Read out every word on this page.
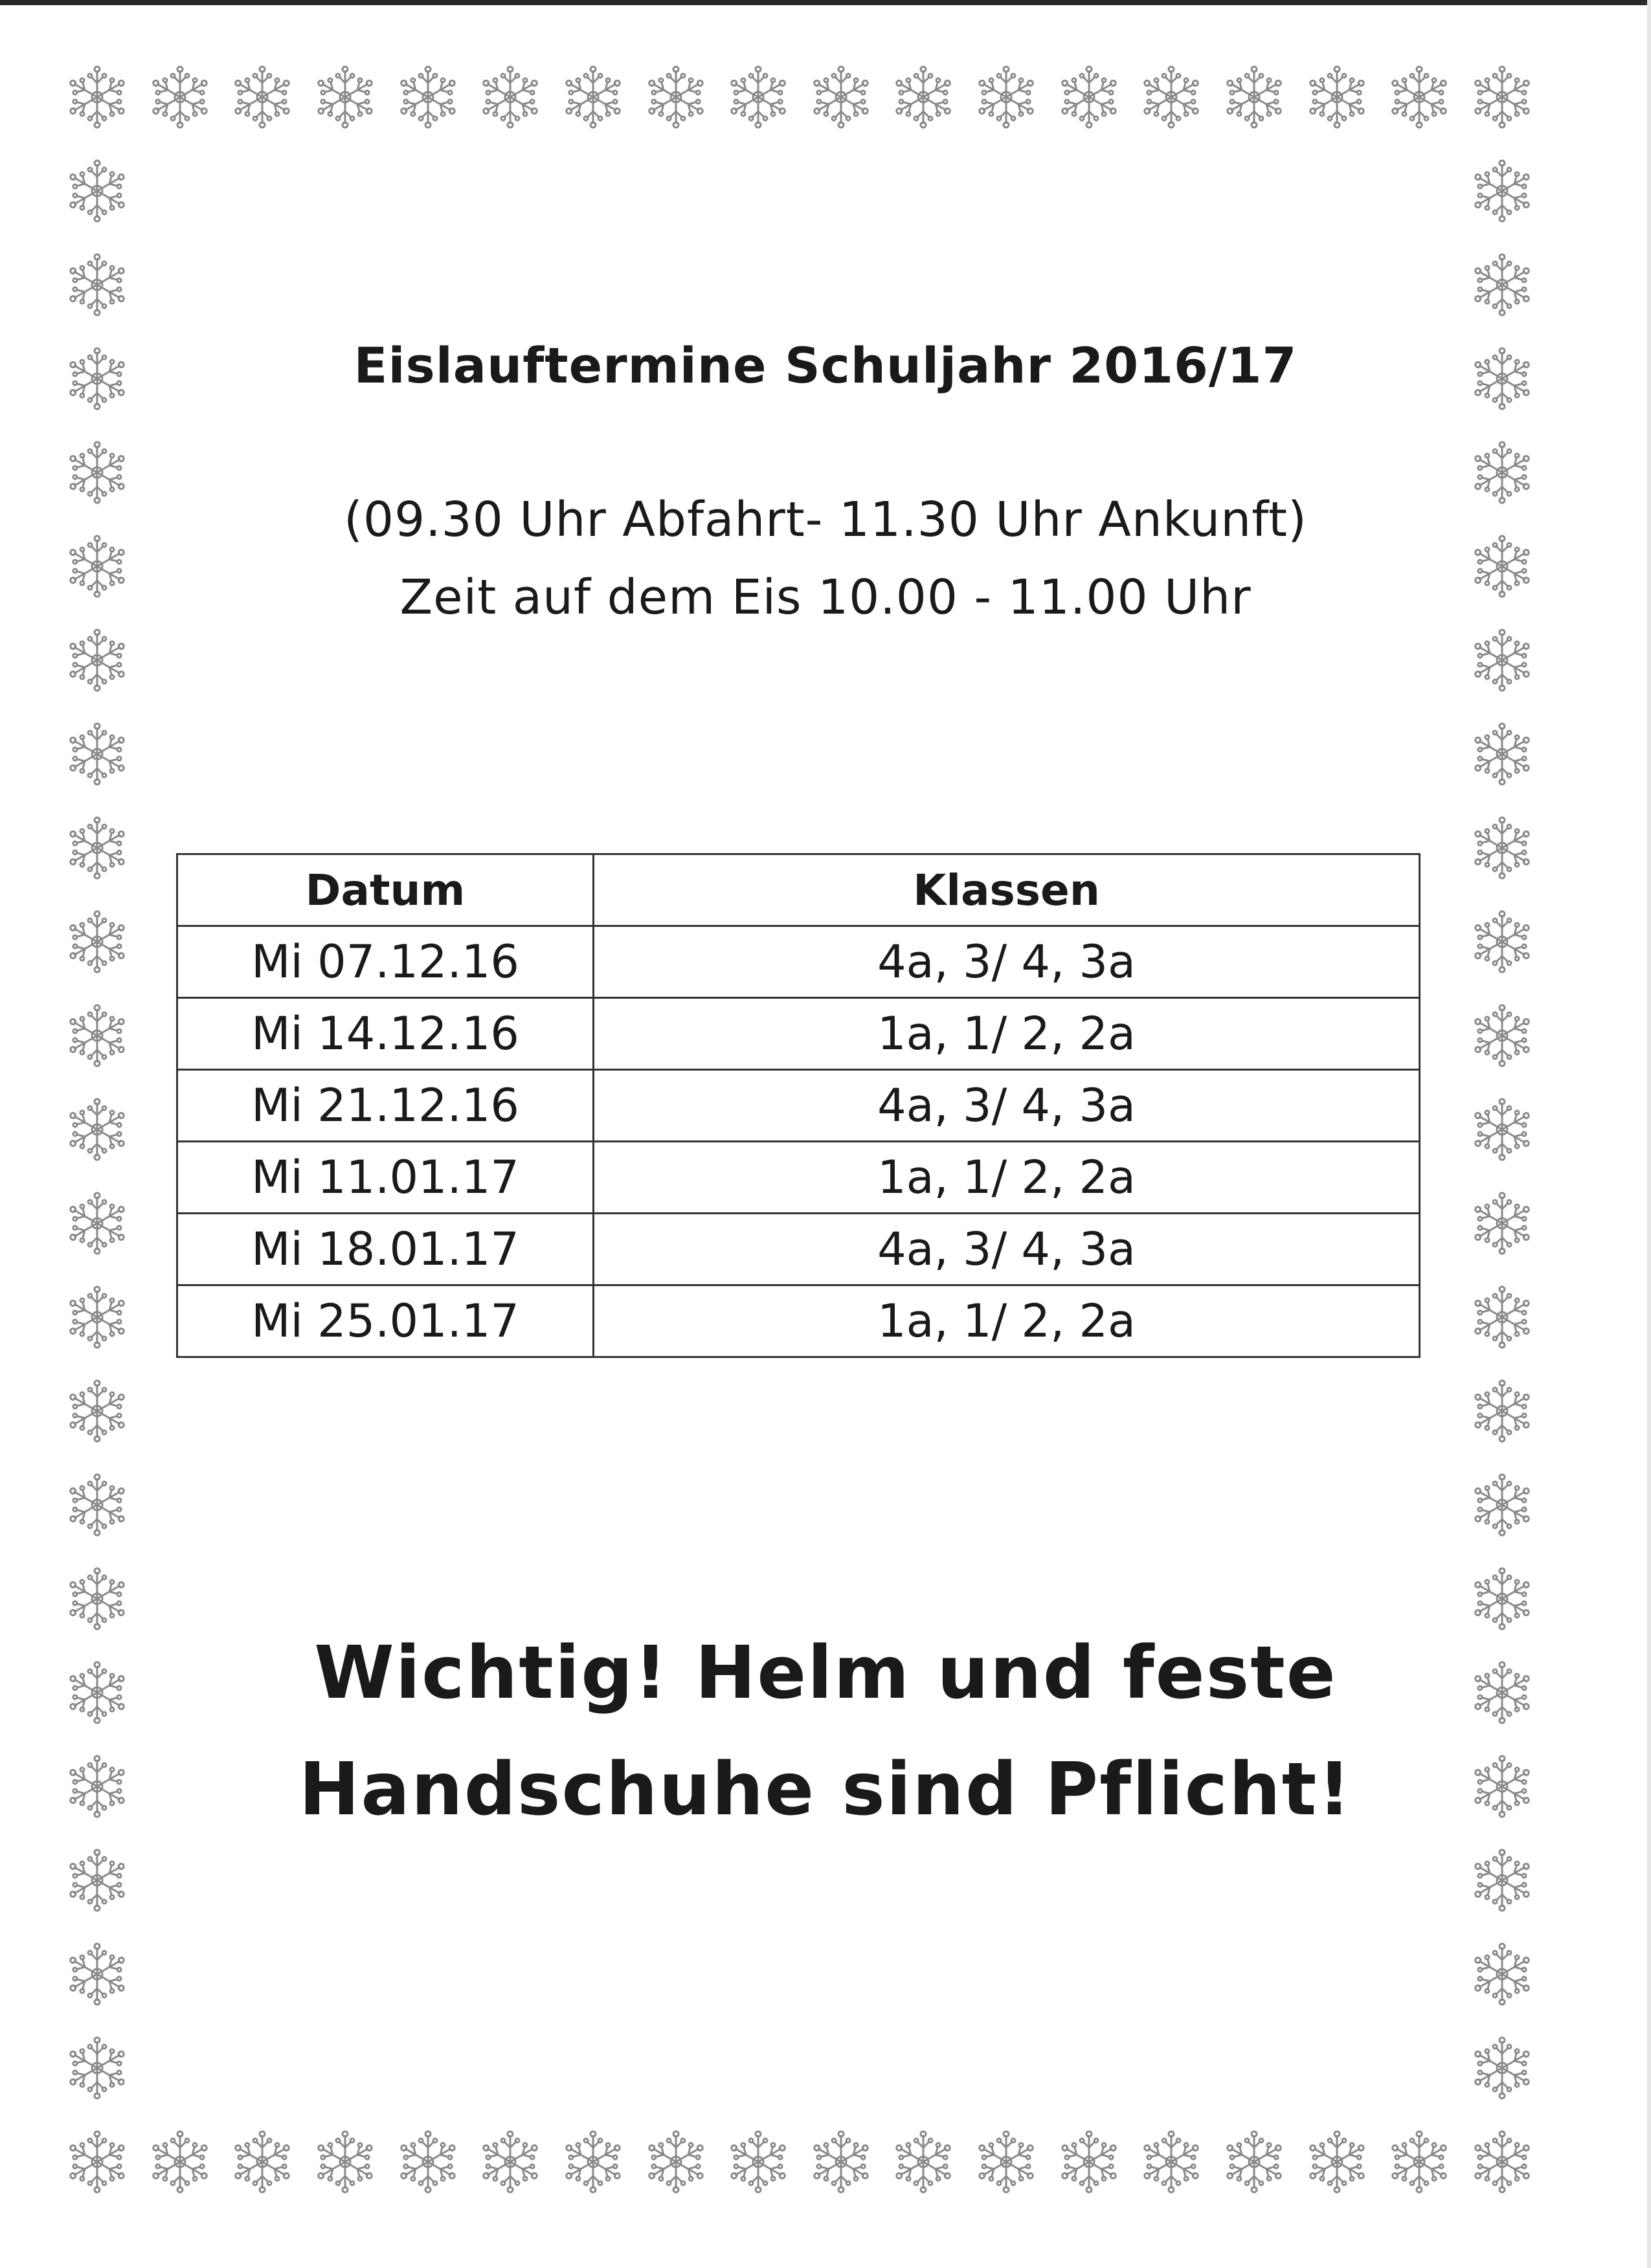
Eislauftermine Schuljahr 2016/17
(09.30 Uhr Abfahrt- 11.30 Uhr Ankunft)
Zeit auf dem Eis 10.00 - 11.00 Uhr
Datum	Klassen
Mi 07.12.16	4a, 3/ 4, 3a
Mi 14.12.16	1a, 1/ 2, 2a
Mi 21.12.16	4a, 3/ 4, 3a
Mi 11.01.17	1a, 1/ 2, 2a
Mi 18.01.17	4a, 3/ 4, 3a
Mi 25.01.17	1a, 1/ 2, 2a
Wichtig! Helm und feste
Handschuhe sind Pflicht!
